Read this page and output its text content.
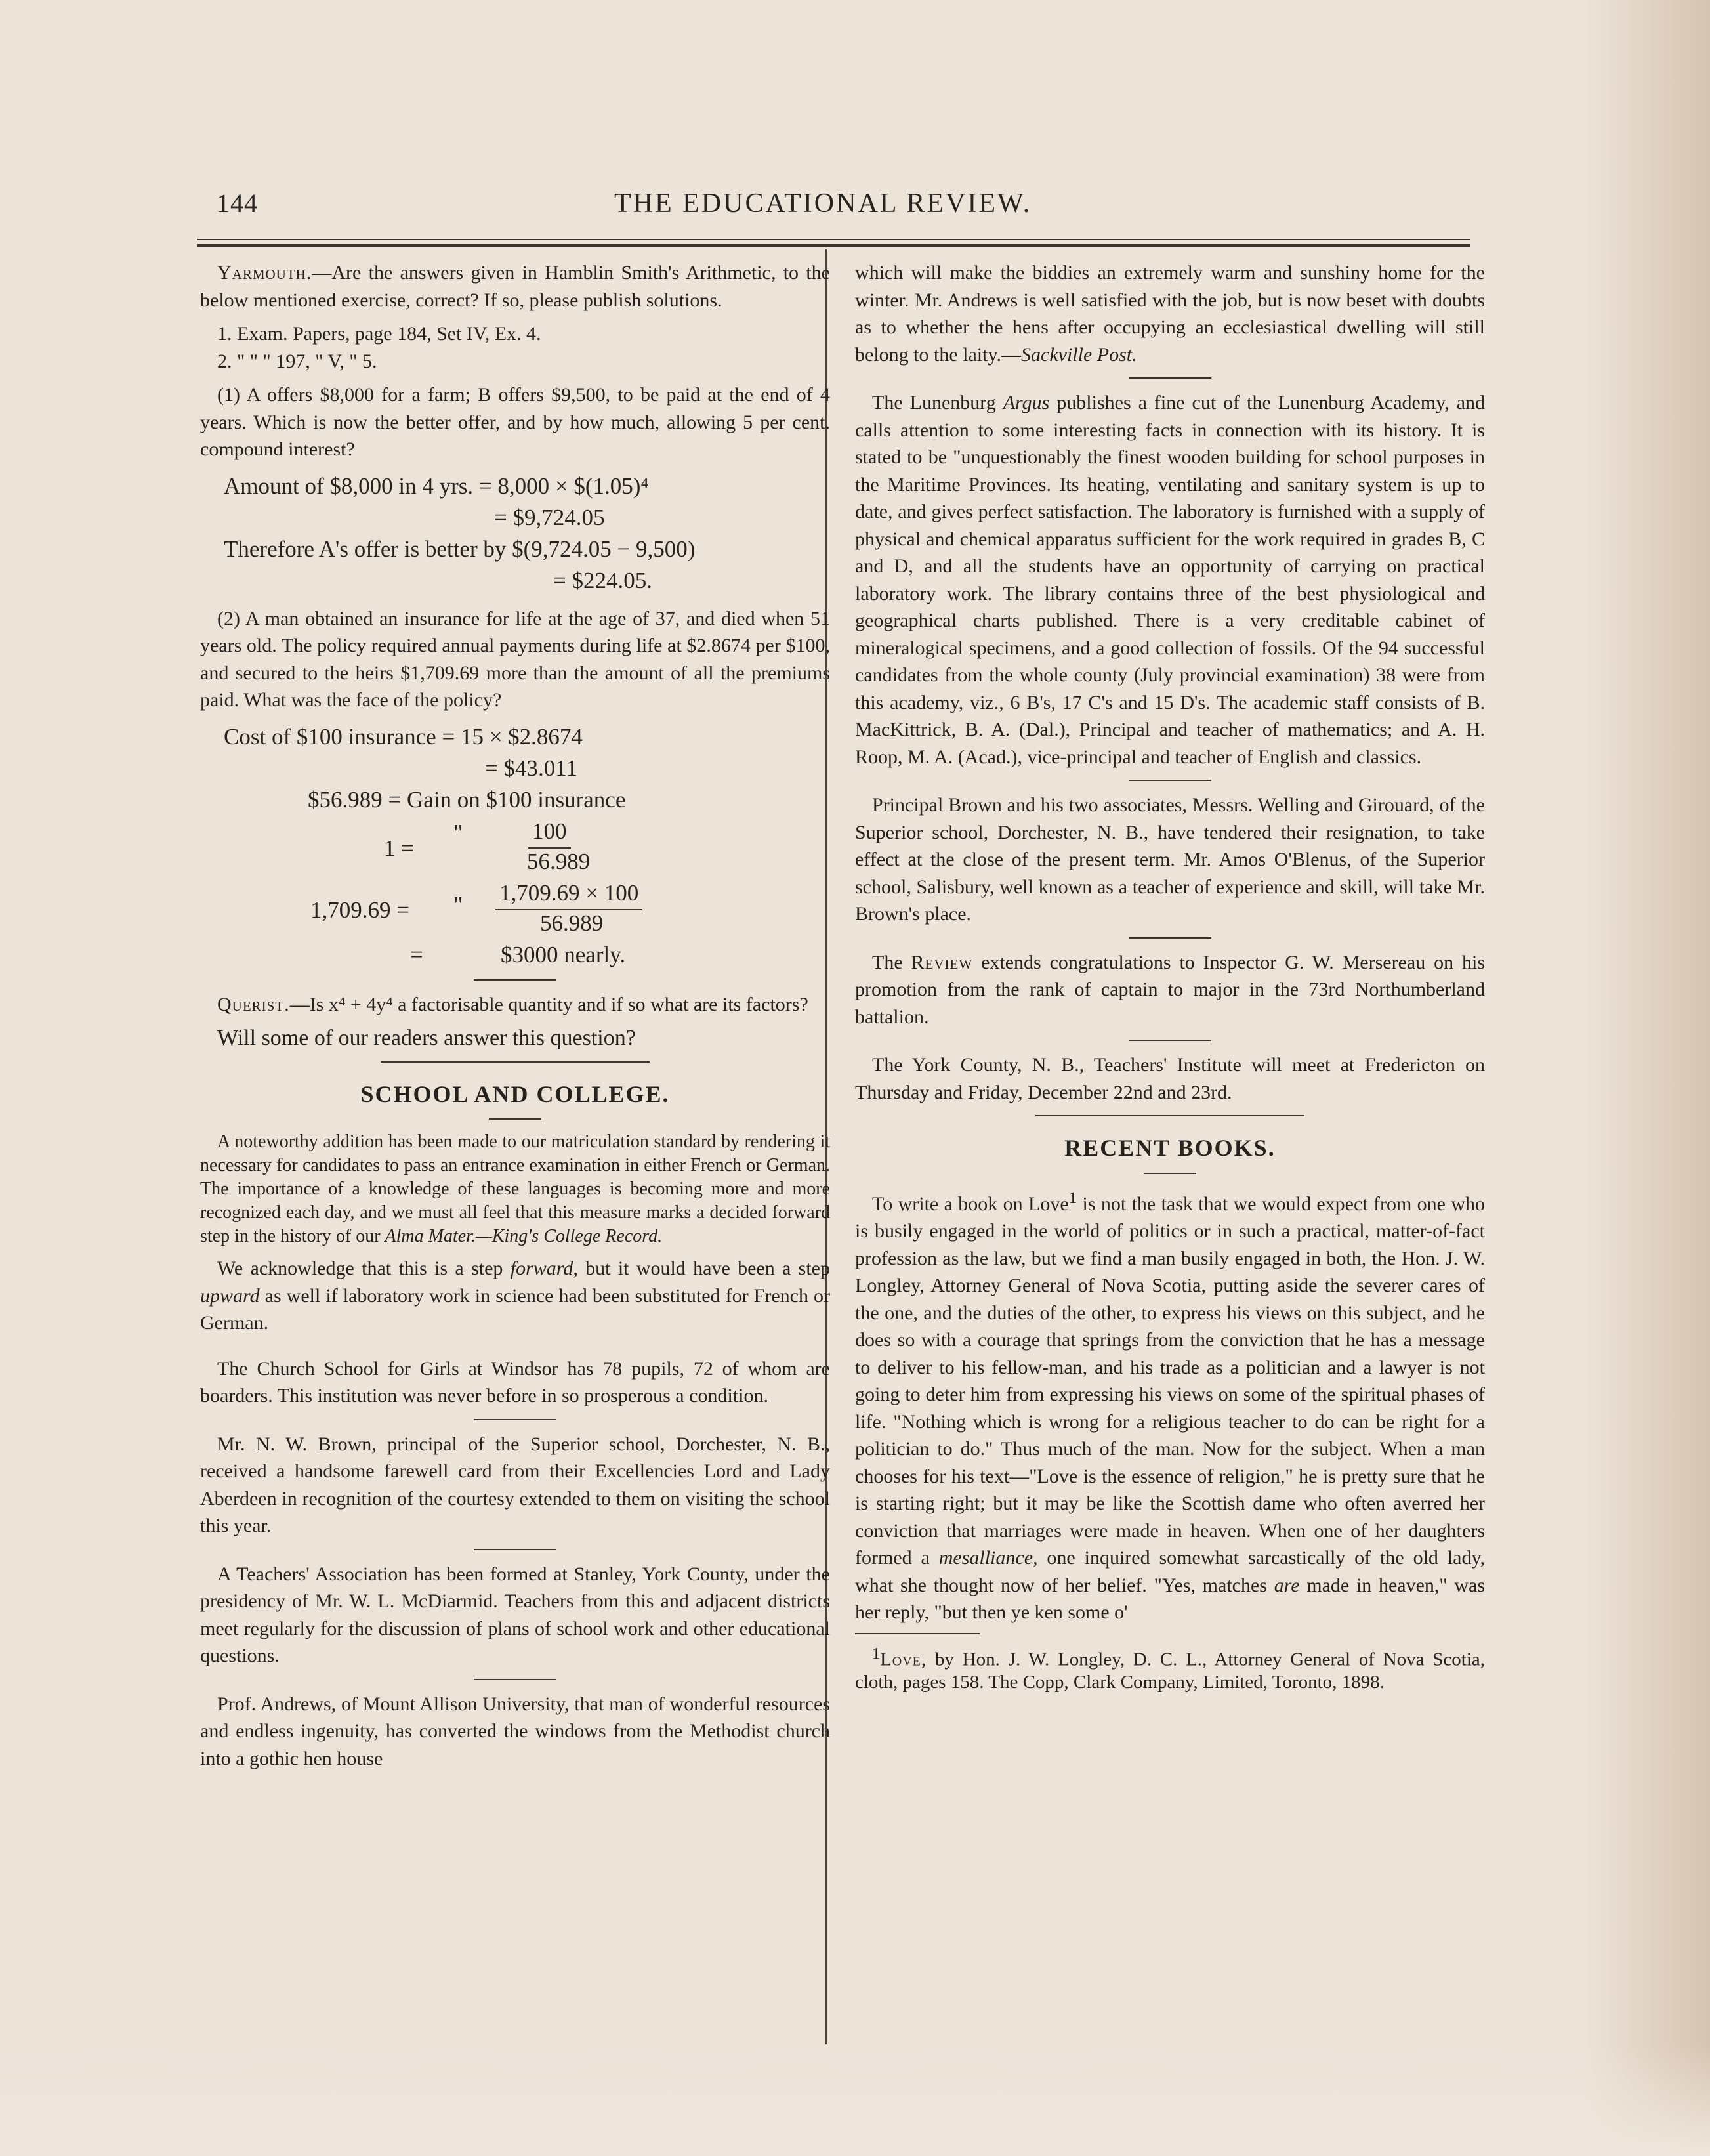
144	THE EDUCATIONAL REVIEW.

Yarmouth.—Are the answers given in Hamblin Smith's Arithmetic, to the below mentioned exercise, correct? If so, please publish solutions.

1. Exam. Papers, page 184, Set IV, Ex. 4.

2. " " " 197, " V, " 5.

(1) A offers $8,000 for a farm; B offers $9,500, to be paid at the end of 4 years. Which is now the better offer, and by how much, allowing 5 per cent. compound interest?

Amount of $8,000 in 4 yrs. = 8,000 × $(1.05)⁴
= $9,724.05
Therefore A's offer is better by $(9,724.05 − 9,500)
= $224.05.

(2) A man obtained an insurance for life at the age of 37, and died when 51 years old. The policy required annual payments during life at $2.8674 per $100, and secured to the heirs $1,709.69 more than the amount of all the premiums paid. What was the face of the policy?

Cost of $100 insurance = 15 × $2.8674
= $43.011
$56.989 = Gain on $100 insurance
1 =
"	100
56.989
1,709.69 = " 1,709.69 × 100
56.989
=	$3000 nearly.

Querist.—Is x⁴ + 4y⁴ a factorisable quantity and if so what are its factors?

Will some of our readers answer this question?

SCHOOL AND COLLEGE.

A noteworthy addition has been made to our matriculation standard by rendering it necessary for candidates to pass an entrance examination in either French or German. The importance of a knowledge of these languages is becoming more and more recognized each day, and we must all feel that this measure marks a decided forward step in the history of our Alma Mater.—King's College Record.

We acknowledge that this is a step forward, but it would have been a step upward as well if laboratory work in science had been substituted for French or German.

The Church School for Girls at Windsor has 78 pupils, 72 of whom are boarders. This institution was never before in so prosperous a condition.

Mr. N. W. Brown, principal of the Superior school, Dorchester, N. B., received a handsome farewell card from their Excellencies Lord and Lady Aberdeen in recognition of the courtesy extended to them on visiting the school this year.

A Teachers' Association has been formed at Stanley, York County, under the presidency of Mr. W. L. McDiarmid. Teachers from this and adjacent districts meet regularly for the discussion of plans of school work and other educational questions.

Prof. Andrews, of Mount Allison University, that man of wonderful resources and endless ingenuity, has converted the windows from the Methodist church into a gothic hen house

which will make the biddies an extremely warm and sunshiny home for the winter. Mr. Andrews is well satisfied with the job, but is now beset with doubts as to whether the hens after occupying an ecclesiastical dwelling will still belong to the laity.—Sackville Post.

The Lunenburg Argus publishes a fine cut of the Lunenburg Academy, and calls attention to some interesting facts in connection with its history. It is stated to be "unquestionably the finest wooden building for school purposes in the Maritime Provinces. Its heating, ventilating and sanitary system is up to date, and gives perfect satisfaction. The laboratory is furnished with a supply of physical and chemical apparatus sufficient for the work required in grades B, C and D, and all the students have an opportunity of carrying on practical laboratory work. The library contains three of the best physiological and geographical charts published. There is a very creditable cabinet of mineralogical specimens, and a good collection of fossils. Of the 94 successful candidates from the whole county (July provincial examination) 38 were from this academy, viz., 6 B's, 17 C's and 15 D's. The academic staff consists of B. MacKittrick, B. A. (Dal.), Principal and teacher of mathematics; and A. H. Roop, M. A. (Acad.), vice-principal and teacher of English and classics.

Principal Brown and his two associates, Messrs. Welling and Girouard, of the Superior school, Dorchester, N. B., have tendered their resignation, to take effect at the close of the present term. Mr. Amos O'Blenus, of the Superior school, Salisbury, well known as a teacher of experience and skill, will take Mr. Brown's place.

The Review extends congratulations to Inspector G. W. Mersereau on his promotion from the rank of captain to major in the 73rd Northumberland battalion.

The York County, N. B., Teachers' Institute will meet at Fredericton on Thursday and Friday, December 22nd and 23rd.

RECENT BOOKS.

To write a book on Love$^1$ is not the task that we would expect from one who is busily engaged in the world of politics or in such a practical, matter-of-fact profession as the law, but we find a man busily engaged in both, the Hon. J. W. Longley, Attorney General of Nova Scotia, putting aside the severer cares of the one, and the duties of the other, to express his views on this subject, and he does so with a courage that springs from the conviction that he has a message to deliver to his fellow-man, and his trade as a politician and a lawyer is not going to deter him from expressing his views on some of the spiritual phases of life. "Nothing which is wrong for a religious teacher to do can be right for a politician to do." Thus much of the man. Now for the subject. When a man chooses for his text—"Love is the essence of religion," he is pretty sure that he is starting right; but it may be like the Scottish dame who often averred her conviction that marriages were made in heaven. When one of her daughters formed a mesalliance, one inquired somewhat sarcastically of the old lady, what she thought now of her belief. "Yes, matches are made in heaven," was her reply, "but then ye ken some o'

$^1$Love, by Hon. J. W. Longley, D. C. L., Attorney General of Nova Scotia, cloth, pages 158. The Copp, Clark Company, Limited, Toronto, 1898.
